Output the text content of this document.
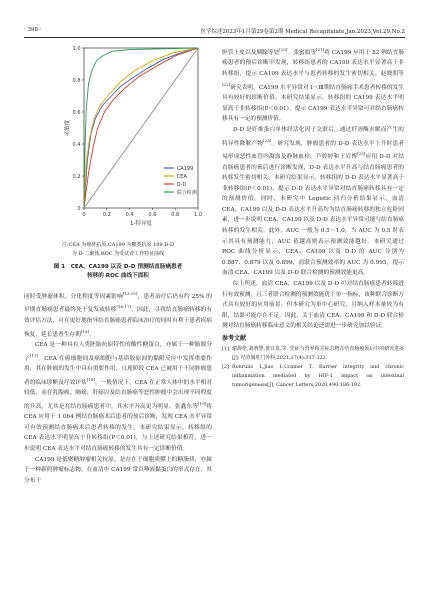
· 398 ·	医学综述2023年1月第29卷第2期 Medical Recapitulate,Jan.2023,Vol.29,No.2
0
0.2
0.4
0.6
0.8
1.0
0	0.2	0.4	0.6	0.8	1.0
灵敏度
1-特异度
CA199
CEA
D-D
联合检测
注:CEA 为癌胚抗原,CA199 为糖类抗原 199,D-D
为 D-二聚体,ROC 为受试者工作特征曲线
图 1　CEA、CA199 以及 D-D 预测结直肠癌患者
转移的 ROC 曲线下面积

同时受肿瘤体积、分化程度等因素影响[13-15]，患者治疗后仍有约 25% 的早期直肠癌患者最终死于复发或转移[16-17]。因此，寻找结直肠癌转移的有效评估方法，可在更好地指导结直肠癌患者临床治疗的同时有利于患者疾病恢复，延长患者生存期[18]。

CEA 是一种具有人类胚胎抗原特性的酸性糖蛋白，亦属于一种胎源分子[17]。CEA 在癌细胞间及癌细胞与基质胶原间的黏附反应中发挥重要作用，其在肿瘤的发生中具有重要作用，且现阶段 CEA 已被用于不同肿瘤患者的临床诊断及疗效评估[18]。一般情况下，CEA 在正常人体中的水平相对较低，而在乳腺癌、肺癌、肝癌以及结直肠癌等恶性肿瘤中会出现不同程度的升高，尤其是在结直肠癌患者中，其水平升高更为明显。张鑫东等[19]将 CEA 应用于 1 064 例结直肠癌术后患者的预后诊断，发现 CEA 水平异常可有效预测结直肠癌术后患者转移的发生。本研究结果显示，转移组的 CEA 表达水平明显高于非转移组(P＜0.01)，与上述研究结果相符，进一步说明 CEA 表达水平对结直肠癌转移的发生具有一定诊断价值。

CA199 是低聚糖肿瘤相关抗原，是存在于细胞质膜上的糖脂质，亦属于一种新的肿瘤标志物，在血清中 CA199 常以唾液黏蛋白的形式存在，其分布于

胆管上皮以及胰腺等处[20]。张蜜娟等[21]将 CA199 应用于 82 例结直肠癌患者的预后诊断中发现，转移组患者的 CA199 表达水平显著高于非转移组，提示 CA199 表达水平与患者转移的发生密切相关。赵晓朋等[22]研究表明，CA199 水平异常对 Ⅰ～Ⅲ期结直肠癌手术患者转移的发生具有较好的诊断价值。本研究结果显示，转移组的 CA199 表达水平明显高于非转移组(P＜0.01)，提示 CA199 表达水平异常可对结直肠癌转移具有一定的预测价值。

D-D 是纤维蛋白单体经活化因子交联后，通过纤溶酶水解而产生的特异性降解产物[23]。研究发现，肿瘤患者的 D-D 表达水平上升时患者易形成恶性血管内凝血及静脉血栓。芦婷婷和王岩博[25]应用 D-D 对结直肠癌患者的预后进行诊断发现，D-D 表达水平升高与结直肠癌患者的转移发生密切相关。本研究结果显示，转移组的 D-D 表达水平显著高于非转移组(P＜0.01)，提示 D-D 表达水平异常对结直肠癌转移具有一定的预测价值。同时，本研究中 Logistic 回归分析结果显示，血清 CEA、CA199 以及 D-D 表达水平升高均为结直肠癌转移的独立危险因素，进一步说明 CEA、CA199 以及 D-D 表达水平异常可能与结直肠癌转移的发生相关。此外，AUC 一般为 0.5～1.0，当 AUC 为 0.5 时表示其具有预测能力，AUC 值越高则表示预测效能越好。本研究通过 ROC 曲线分析显示，CEA、CA199 以及 D-D 的 AUC 分别为 0.887、0.879 以及 0.899，而联合预测效率的 AUC 为 0.995，提示血清 CEA、CA199 以及 D-D 联合检测的预测效能更高。

综上所述，血清 CEA、CA199 以及 D-D 可对结直肠癌患者转移进行有效预测，且三者联合检测的预测效能优于单一指标，该种联合诊断方式具有较好的应用前景。但本研究为单中心研究，且纳入样本量较为有限，结果可能存在不足。因此，关于血清 CEA、CA199 和 D-D 联合检测对结直肠癌转移临床意义的相关结论还需进一步研究加以验证。

参考文献

[1] 谢海伦,刘明慧,黄宜真,等. 先症与营养相关标志物在结直肠癌预后中的研究进展[J]. 结直肠肛门外科,2021,27(4):317-322.

[2] Rohrulio L,Jiao L,Cramer T. Barrier integrity and chronic inflammation mediated by HIF-1 impact on intestinal tumorigenesis[J]. Cancer Letters,2020,490:186-192.
